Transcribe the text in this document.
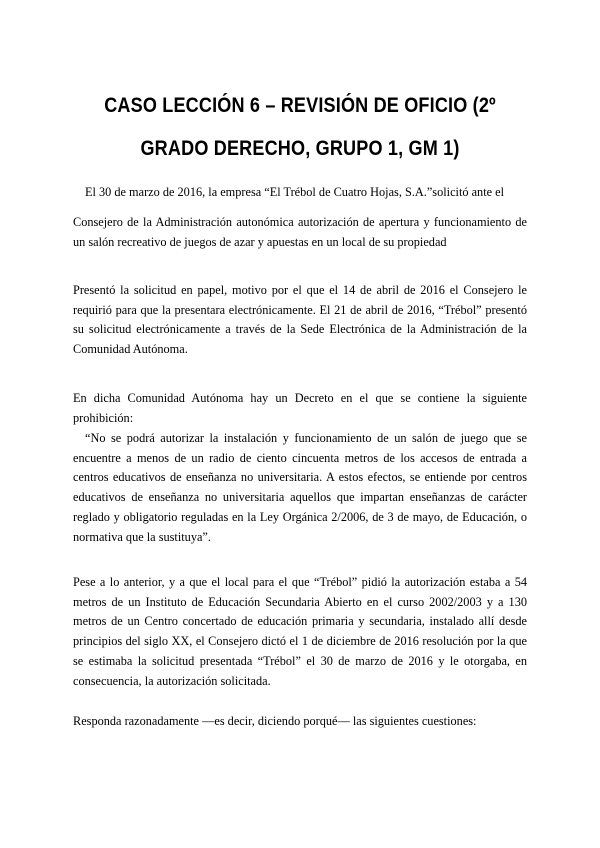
CASO LECCIÓN 6 – REVISIÓN DE OFICIO (2º
GRADO DERECHO, GRUPO 1, GM 1)

El 30 de marzo de 2016, la empresa “El Trébol de Cuatro Hojas, S.A.”solicitó ante el

Consejero de la Administración autonómica autorización de apertura y funcionamiento de un salón recreativo de juegos de azar y apuestas en un local de su propiedad

Presentó la solicitud en papel, motivo por el que el 14 de abril de 2016 el Consejero le requirió para que la presentara electrónicamente. El 21 de abril de 2016, “Trébol” presentó su solicitud electrónicamente a través de la Sede Electrónica de la Administración de la Comunidad Autónoma.

En dicha Comunidad Autónoma hay un Decreto en el que se contiene la siguiente prohibición:

“No se podrá autorizar la instalación y funcionamiento de un salón de juego que se encuentre a menos de un radio de ciento cincuenta metros de los accesos de entrada a centros educativos de enseñanza no universitaria. A estos efectos, se entiende por centros educativos de enseñanza no universitaria aquellos que impartan enseñanzas de carácter reglado y obligatorio reguladas en la Ley Orgánica 2/2006, de 3 de mayo, de Educación, o normativa que la sustituya”.

Pese a lo anterior, y a que el local para el que “Trébol” pidió la autorización estaba a 54 metros de un Instituto de Educación Secundaria Abierto en el curso 2002/2003 y a 130 metros de un Centro concertado de educación primaria y secundaria, instalado allí desde principios del siglo XX, el Consejero dictó el 1 de diciembre de 2016 resolución por la que se estimaba la solicitud presentada “Trébol” el 30 de marzo de 2016 y le otorgaba, en consecuencia, la autorización solicitada.

Responda razonadamente —es decir, diciendo porqué— las siguientes cuestiones:
